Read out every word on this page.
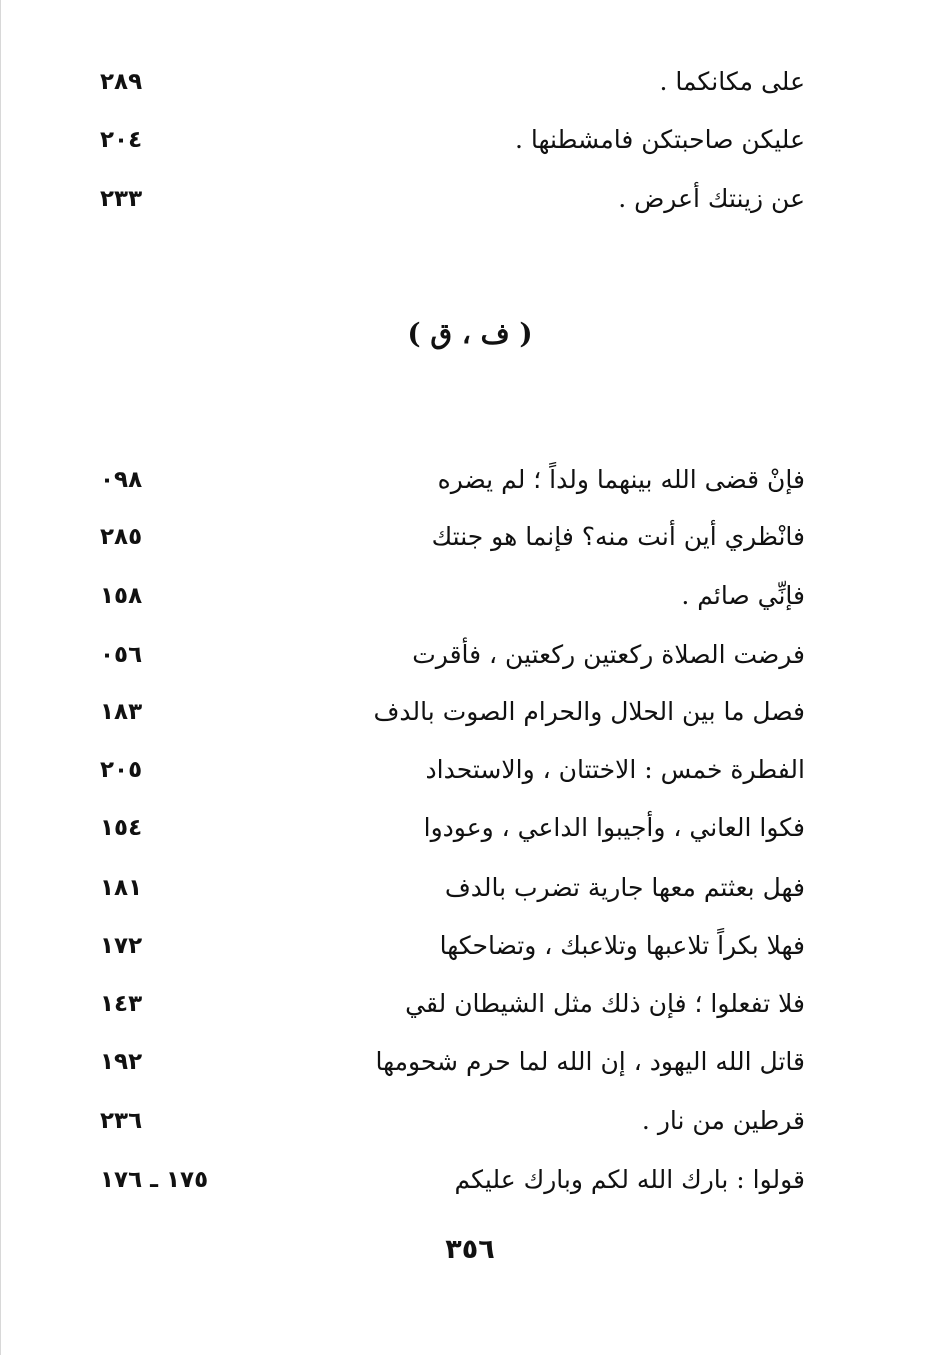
على مكانكما .
٢٨٩
عليكن صاحبتكن فامشطنها .
٢٠٤
عن زينتك أعرض .
٢٣٣
( ف ، ق )
فإنْ قضى الله بينهما ولداً ؛ لم يضره
٠٩٨
فانْظري أين أنت منه؟ فإنما هو جنتك
٢٨٥
فإنِّي صائم .
١٥٨
فرضت الصلاة ركعتين ركعتين ، فأقرت
٠٥٦
فصل ما بين الحلال والحرام الصوت بالدف
١٨٣
الفطرة خمس : الاختتان ، والاستحداد
٢٠٥
فكوا العاني ، وأجيبوا الداعي ، وعودوا
١٥٤
فهل بعثتم معها جارية تضرب بالدف
١٨١
فهلا بكراً تلاعبها وتلاعبك ، وتضاحكها
١٧٢
فلا تفعلوا ؛ فإن ذلك مثل الشيطان لقي
١٤٣
قاتل الله اليهود ، إن الله لما حرم شحومها
١٩٢
قرطين من نار .
٢٣٦
قولوا : بارك الله لكم وبارك عليكم
١٧٥ ـ ١٧٦
٣٥٦
